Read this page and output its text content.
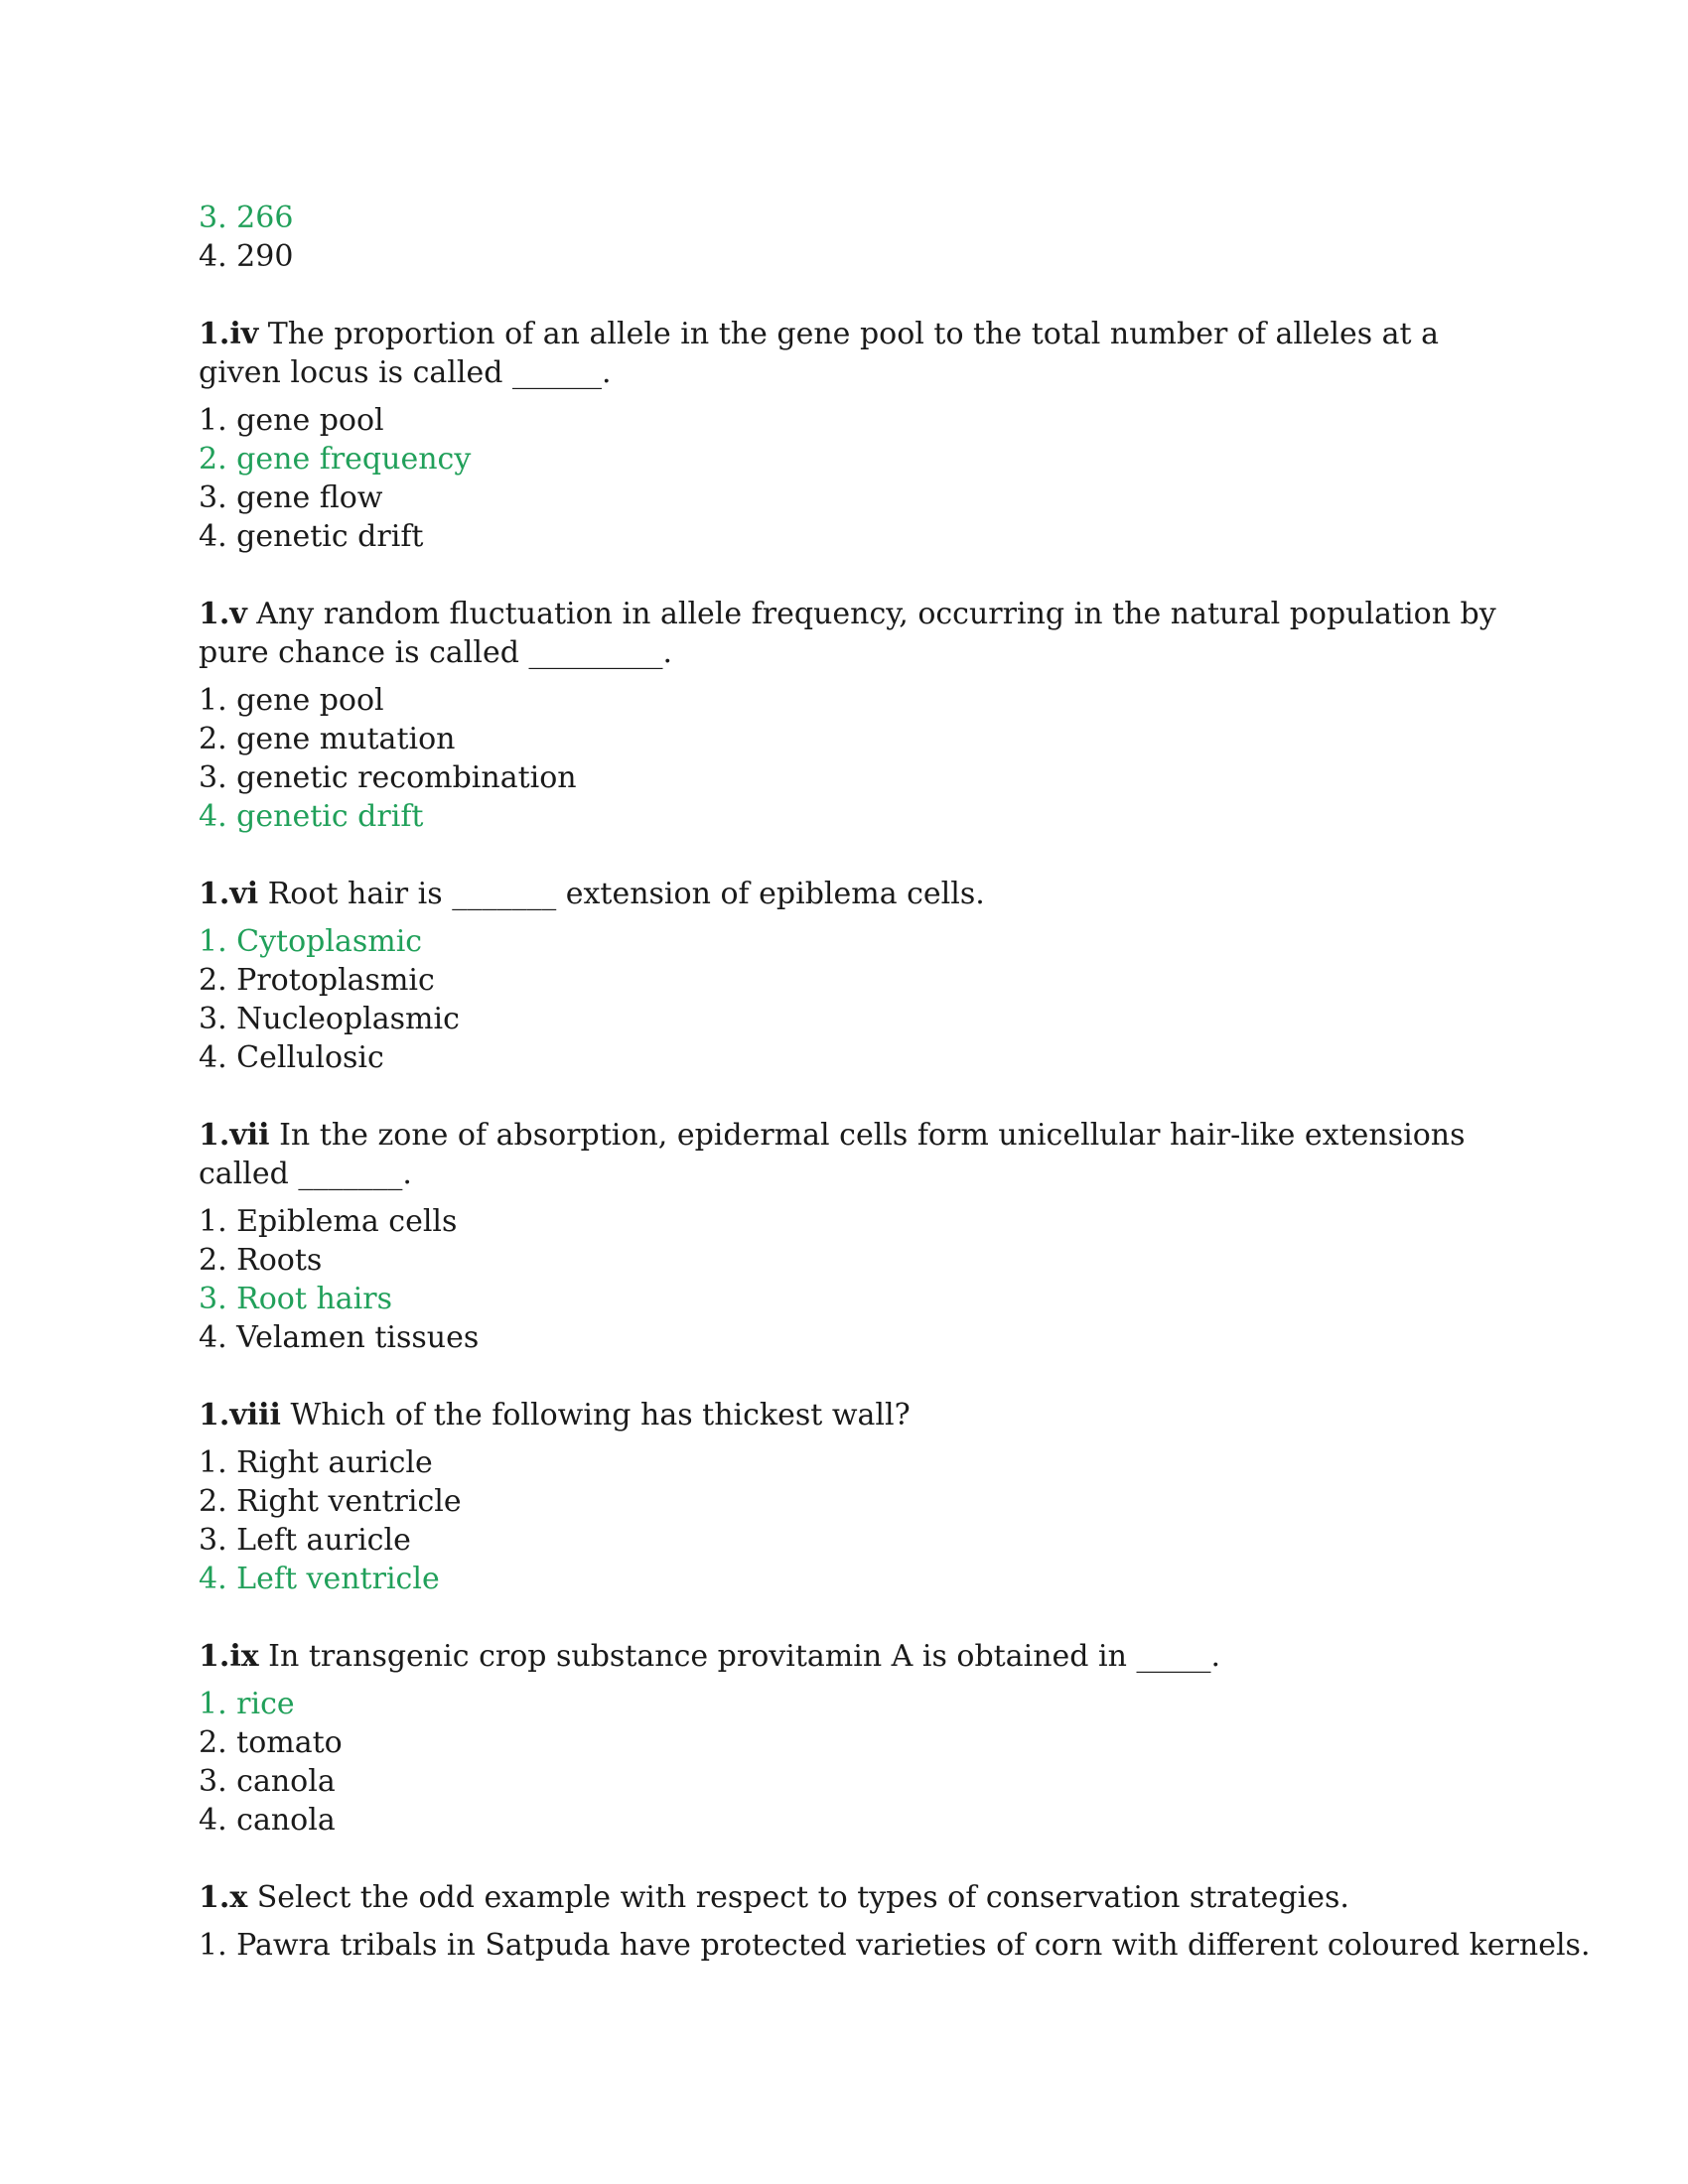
3. 266
4. 290

1.iv The proportion of an allele in the gene pool to the total number of alleles at a given locus is called ______.

1. gene pool
2. gene frequency
3. gene flow
4. genetic drift

1.v Any random fluctuation in allele frequency, occurring in the natural population by pure chance is called _________.

1. gene pool
2. gene mutation
3. genetic recombination
4. genetic drift

1.vi Root hair is _______ extension of epiblema cells.

1. Cytoplasmic
2. Protoplasmic
3. Nucleoplasmic
4. Cellulosic

1.vii In the zone of absorption, epidermal cells form unicellular hair-like extensions called _______.

1. Epiblema cells
2. Roots
3. Root hairs
4. Velamen tissues

1.viii Which of the following has thickest wall?

1. Right auricle
2. Right ventricle
3. Left auricle
4. Left ventricle

1.ix In transgenic crop substance provitamin A is obtained in _____.

1. rice
2. tomato
3. canola
4. canola

1.x Select the odd example with respect to types of conservation strategies.

1. Pawra tribals in Satpuda have protected varieties of corn with different coloured kernels.
